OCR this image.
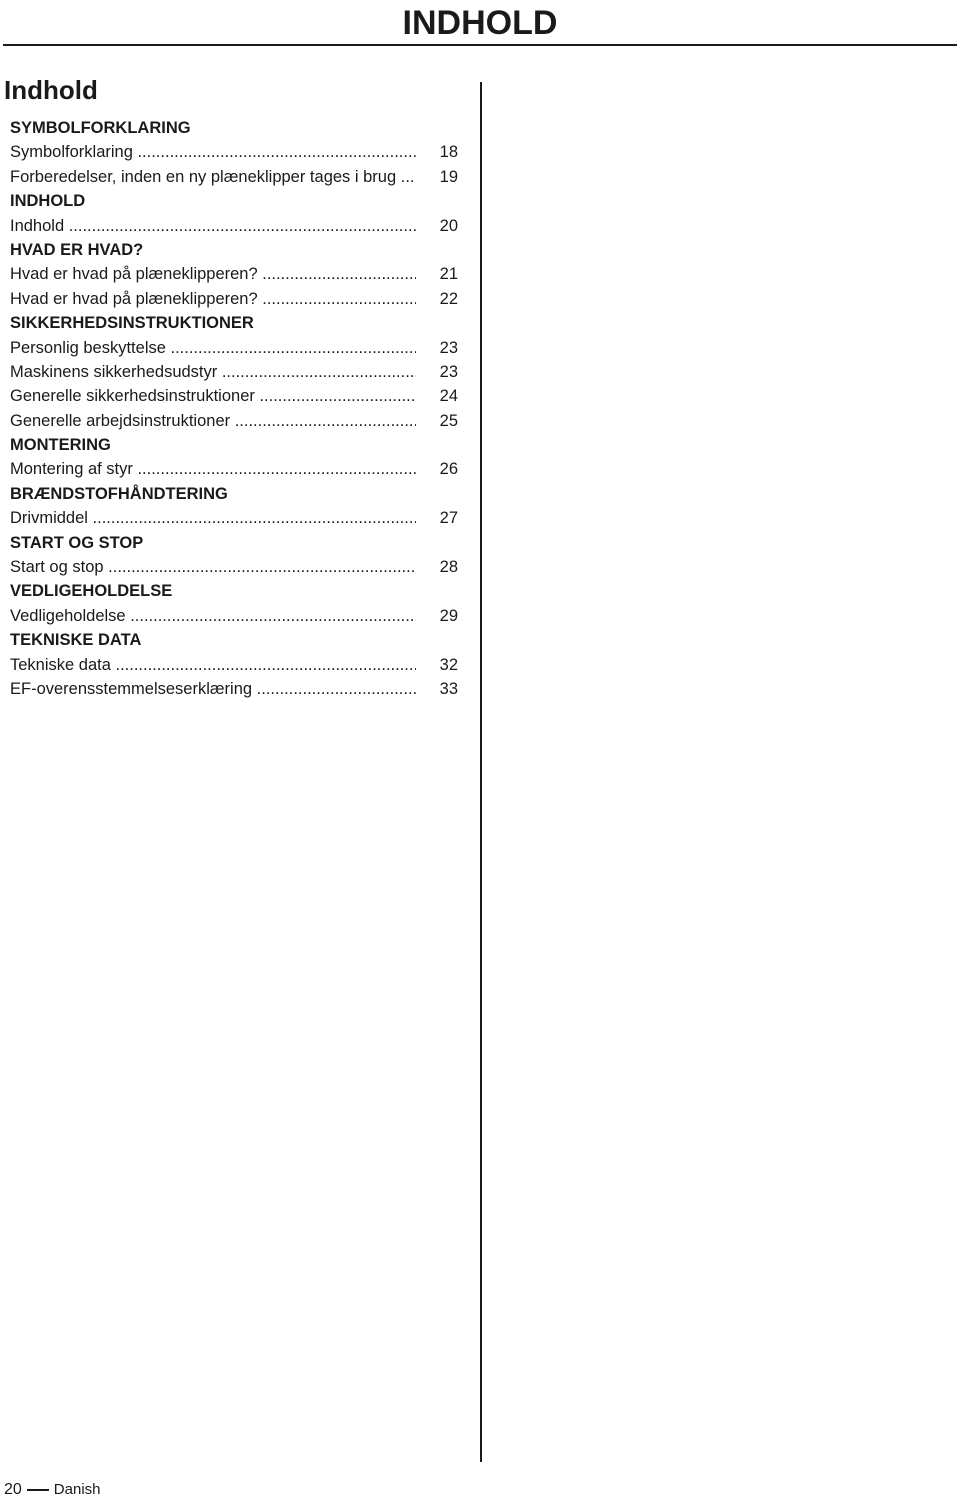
INDHOLD
Indhold
SYMBOLFORKLARING
Symbolforklaring .....	18
Forberedelser, inden en ny plæneklipper tages i brug .....	19
INDHOLD
Indhold .....	20
HVAD ER HVAD?
Hvad er hvad på plæneklipperen? .....	21
Hvad er hvad på plæneklipperen? .....	22
SIKKERHEDSINSTRUKTIONER
Personlig beskyttelse .....	23
Maskinens sikkerhedsudstyr .....	23
Generelle sikkerhedsinstruktioner .....	24
Generelle arbejdsinstruktioner .....	25
MONTERING
Montering af styr .....	26
BRÆNDSTOFHÅNDTERING
Drivmiddel .....	27
START OG STOP
Start og stop .....	28
VEDLIGEHOLDELSE
Vedligeholdelse .....	29
TEKNISKE DATA
Tekniske data .....	32
EF-overensstemmelseserklæring .....	33
20 Danish
